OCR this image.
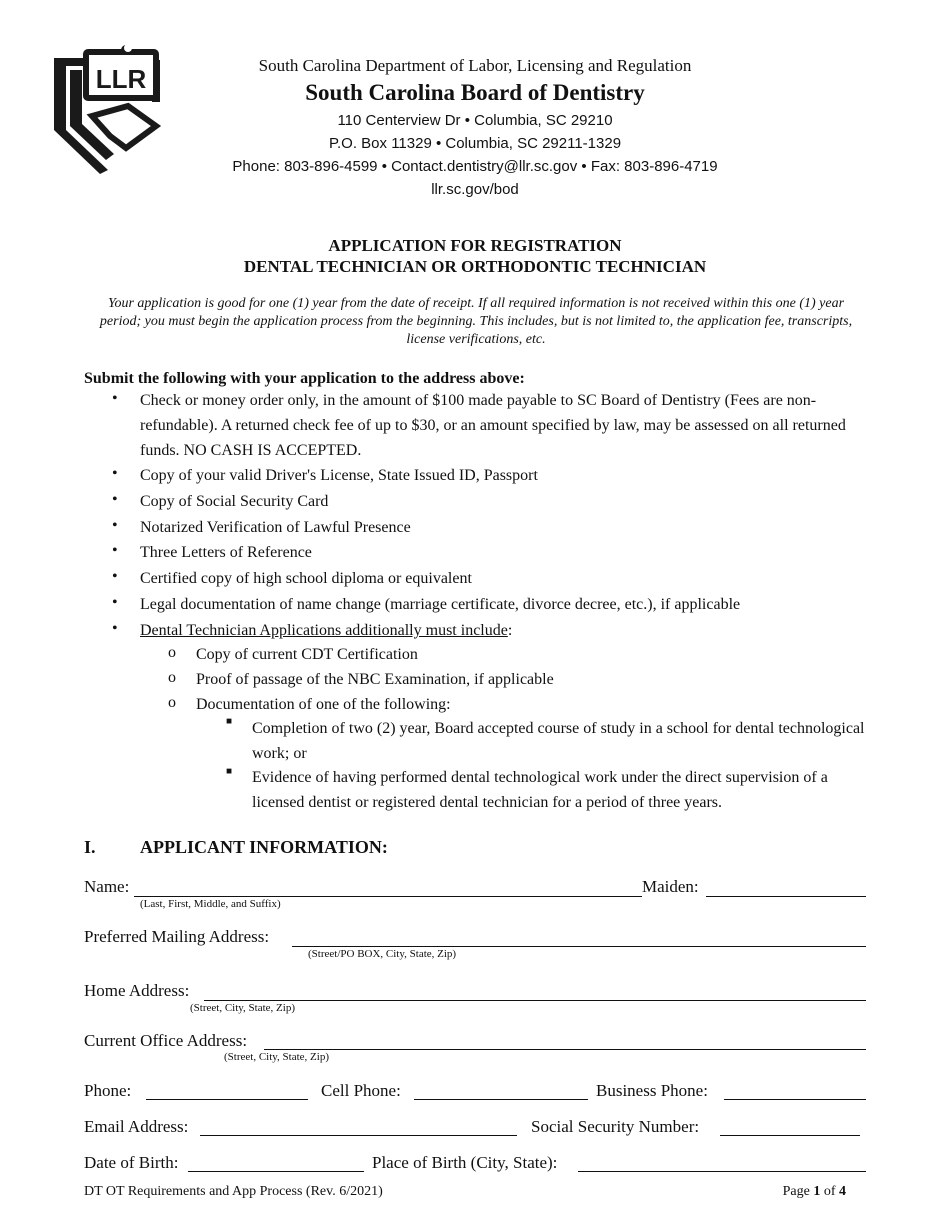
LLR	South Carolina Department of Labor, Licensing and Regulation
South Carolina Board of Dentistry
110 Centerview Dr • Columbia, SC 29210
P.O. Box 11329 • Columbia, SC 29211-1329
Phone: 803-896-4599 • Contact.dentistry@llr.sc.gov • Fax: 803-896-4719
llr.sc.gov/bod
APPLICATION FOR REGISTRATION
DENTAL TECHNICIAN OR ORTHODONTIC TECHNICIAN
Your application is good for one (1) year from the date of receipt. If all required information is not received within this one (1) year period; you must begin the application process from the beginning. This includes, but is not limited to, the application fee, transcripts, license verifications, etc.
Submit the following with your application to the address above:
• Check or money order only, in the amount of $100 made payable to SC Board of Dentistry (Fees are non-refundable). A returned check fee of up to $30, or an amount specified by law, may be assessed on all returned funds. NO CASH IS ACCEPTED.
• Copy of your valid Driver's License, State Issued ID, Passport
• Copy of Social Security Card
• Notarized Verification of Lawful Presence
• Three Letters of Reference
• Certified copy of high school diploma or equivalent
• Legal documentation of name change (marriage certificate, divorce decree, etc.), if applicable
• Dental Technician Applications additionally must include:
o Copy of current CDT Certification
o Proof of passage of the NBC Examination, if applicable
o Documentation of one of the following:
■ Completion of two (2) year, Board accepted course of study in a school for dental technological work; or
■ Evidence of having performed dental technological work under the direct supervision of a licensed dentist or registered dental technician for a period of three years.
I. APPLICANT INFORMATION:
Name:	Maiden:
(Last, First, Middle, and Suffix)
Preferred Mailing Address:
(Street/PO BOX, City, State, Zip)
Home Address:
(Street, City, State, Zip)
Current Office Address:
(Street, City, State, Zip)
Phone:	Cell Phone:	Business Phone:
Email Address:	Social Security Number:
Date of Birth:	Place of Birth (City, State):
DT OT Requirements and App Process (Rev. 6/2021)	Page 1 of 4
